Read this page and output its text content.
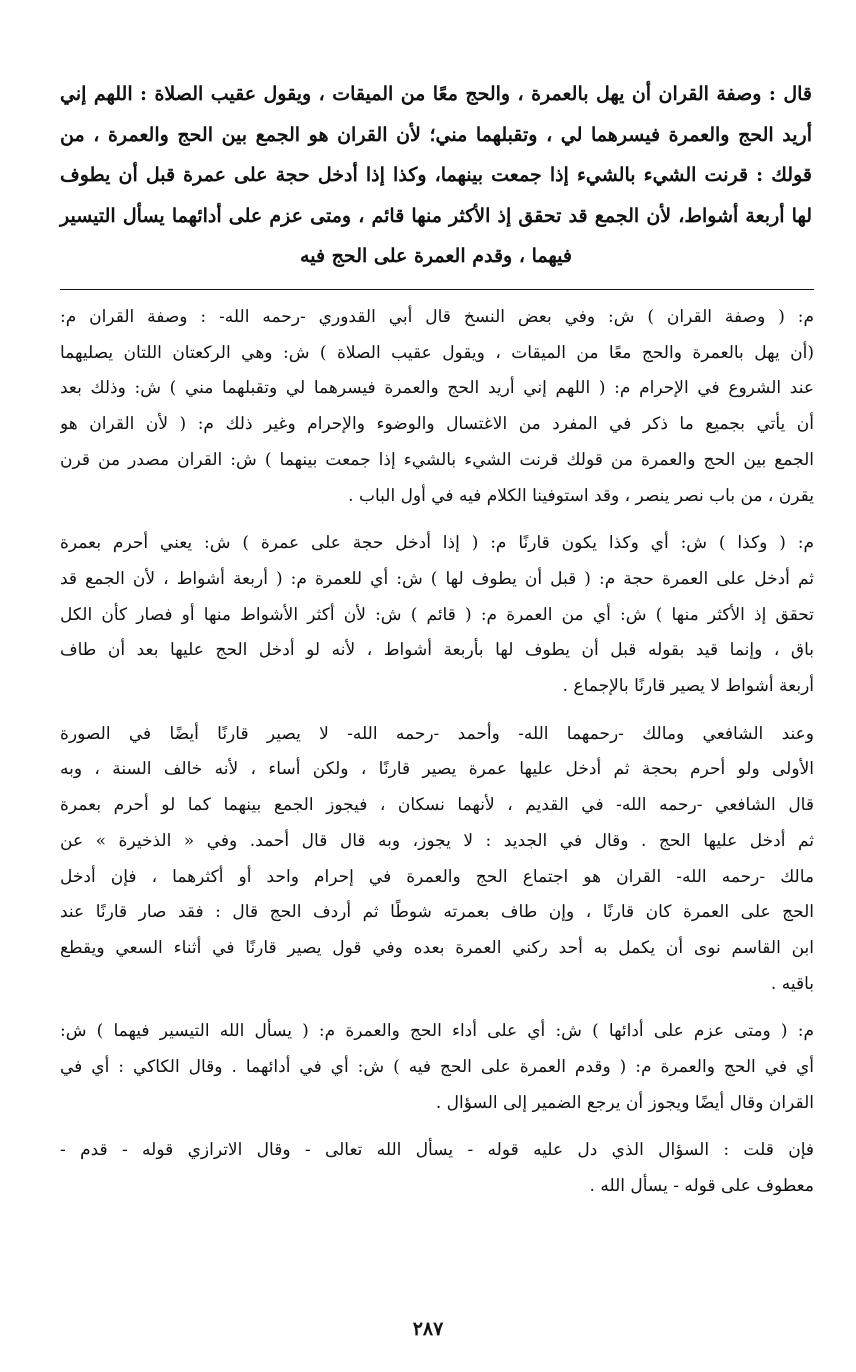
قال : وصفة القران أن يهل بالعمرة ، والحج معًا من الميقات ، ويقول عقيب الصلاة : اللهم إني
أريد الحج والعمرة فيسرهما لي ، وتقبلهما مني؛ لأن القران هو الجمع بين الحج والعمرة ، من
قولك : قرنت الشيء بالشيء إذا جمعت بينهما، وكذا إذا أدخل حجة على عمرة قبل أن يطوف
لها أربعة أشواط، لأن الجمع قد تحقق إذ الأكثر منها قائم ، ومتى عزم على أدائهما يسأل التيسير
فيهما ، وقدم العمرة على الحج فيه
م: ( وصفة القران ) ش: وفي بعض النسخ قال أبي القدوري -رحمه الله- : وصفة القران م:
(أن يهل بالعمرة والحج معًا من الميقات ، ويقول عقيب الصلاة ) ش: وهي الركعتان اللتان يصليهما
عند الشروع في الإحرام م: ( اللهم إني أريد الحج والعمرة فيسرهما لي وتقبلهما مني ) ش: وذلك بعد
أن يأتي بجميع ما ذكر في المفرد من الاغتسال والوضوء والإحرام وغير ذلك م: ( لأن القران هو
الجمع بين الحج والعمرة من قولك قرنت الشيء بالشيء إذا جمعت بينهما ) ش: القران مصدر من قرن
يقرن ، من باب نصر ينصر ، وقد استوفينا الكلام فيه في أول الباب .
م: ( وكذا ) ش: أي وكذا يكون قارنًا م: ( إذا أدخل حجة على عمرة ) ش: يعني أحرم بعمرة
ثم أدخل على العمرة حجة م: ( قبل أن يطوف لها ) ش: أي للعمرة م: ( أربعة أشواط ، لأن الجمع قد
تحقق إذ الأكثر منها ) ش: أي من العمرة م: ( قائم ) ش: لأن أكثر الأشواط منها أو فصار كأن الكل
باق ، وإنما قيد بقوله قبل أن يطوف لها بأربعة أشواط ، لأنه لو أدخل الحج عليها بعد أن طاف
أربعة أشواط لا يصير قارنًا بالإجماع .
وعند الشافعي ومالك -رحمهما الله- وأحمد -رحمه الله- لا يصير قارنًا أيضًا في الصورة
الأولى ولو أحرم بحجة ثم أدخل عليها عمرة يصير قارنًا ، ولكن أساء ، لأنه خالف السنة ، وبه
قال الشافعي -رحمه الله- في القديم ، لأنهما نسكان ، فيجوز الجمع بينهما كما لو أحرم بعمرة
ثم أدخل عليها الحج . وقال في الجديد : لا يجوز، وبه قال قال أحمد. وفي « الذخيرة » عن
مالك -رحمه الله- القران هو اجتماع الحج والعمرة في إحرام واحد أو أكثرهما ، فإن أدخل
الحج على العمرة كان قارنًا ، وإن طاف بعمرته شوطًا ثم أردف الحج قال : فقد صار قارنًا عند
ابن القاسم نوى أن يكمل به أحد ركني العمرة بعده وفي قول يصير قارنًا في أثناء السعي ويقطع
باقيه .
م: ( ومتى عزم على أدائها ) ش: أي على أداء الحج والعمرة م: ( يسأل الله التيسير فيهما ) ش:
أي في الحج والعمرة م: ( وقدم العمرة على الحج فيه ) ش: أي في أدائهما . وقال الكاكي : أي في
القران وقال أيضًا ويجوز أن يرجع الضمير إلى السؤال .
فإن قلت : السؤال الذي دل عليه قوله - يسأل الله تعالى - وقال الاترازي قوله - قدم -
معطوف على قوله - يسأل الله .
٢٨٧
